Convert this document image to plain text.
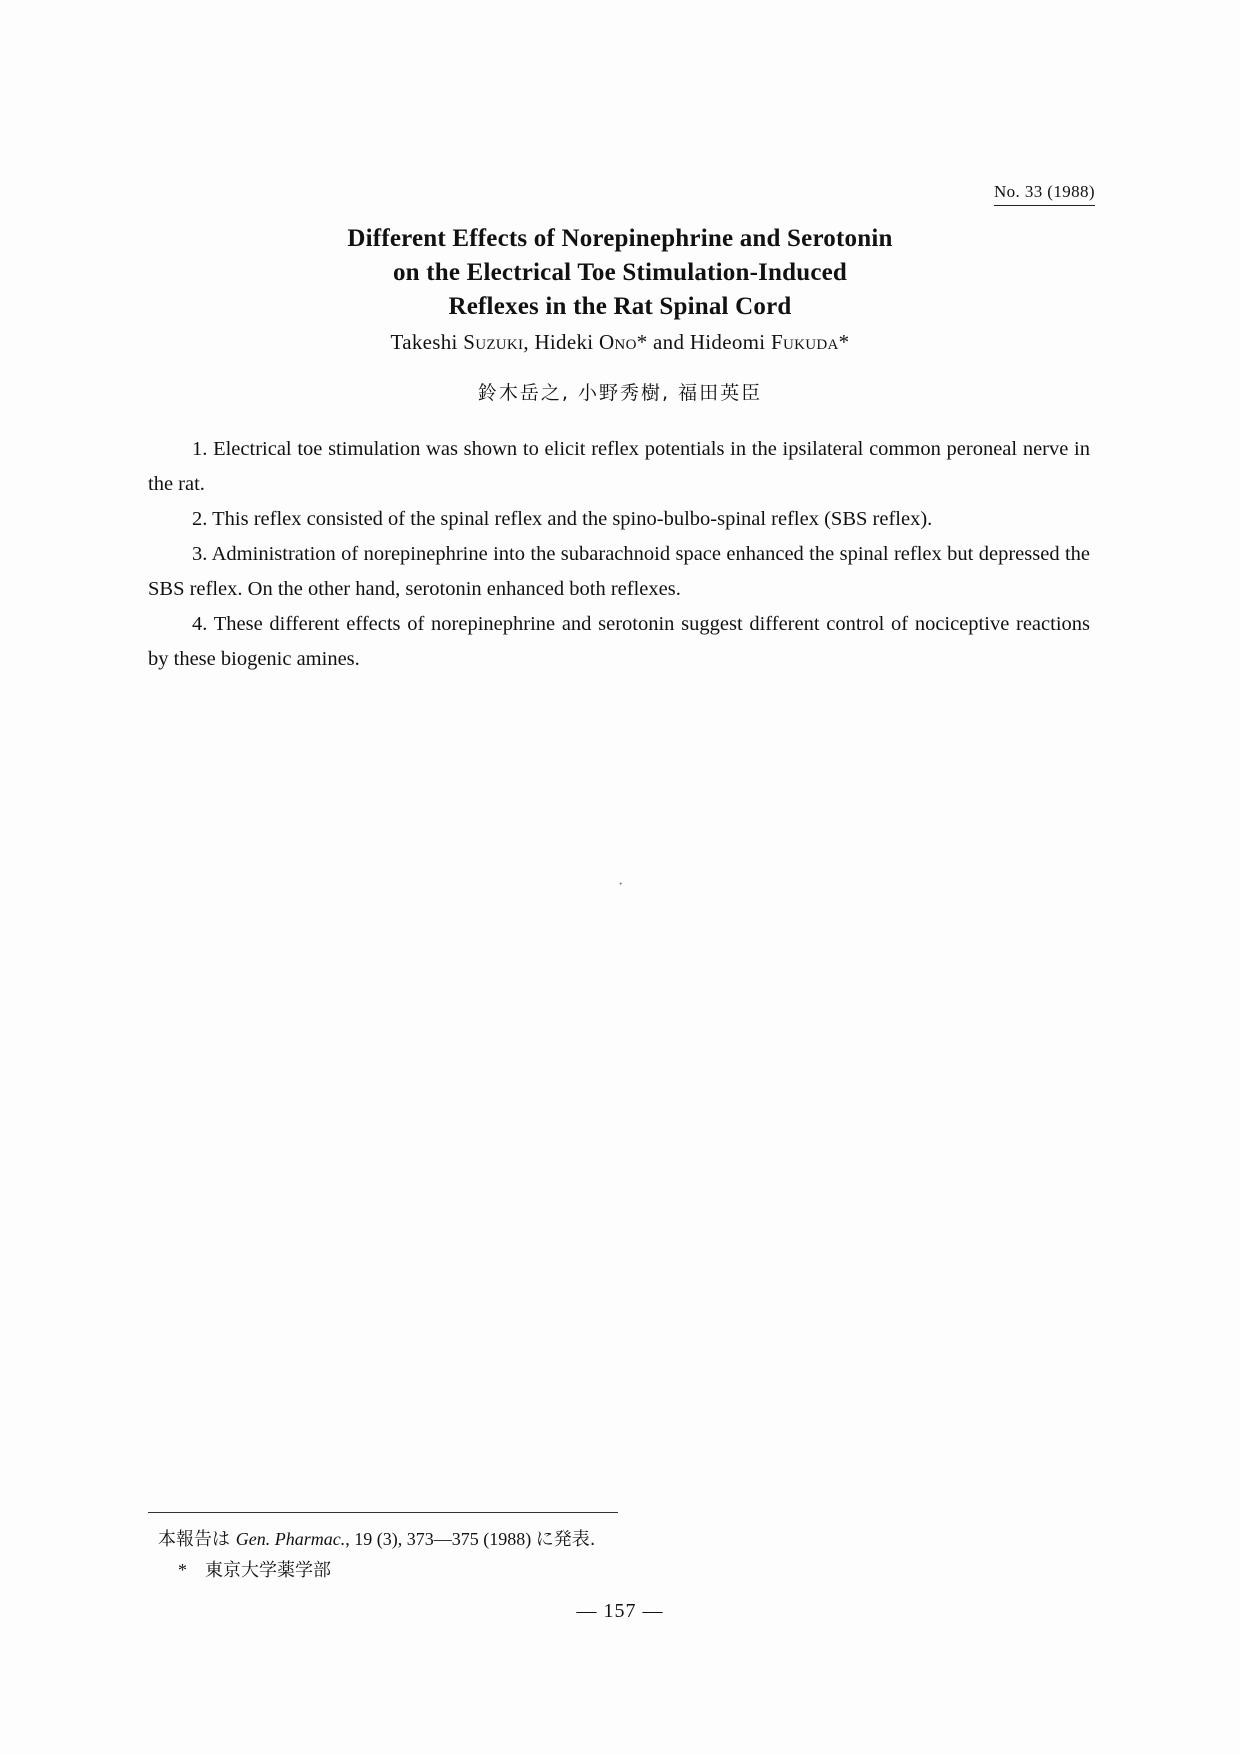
No. 33 (1988)
Different Effects of Norepinephrine and Serotonin
on the Electrical Toe Stimulation-Induced
Reflexes in the Rat Spinal Cord
Takeshi Suzuki, Hideki Ono* and Hideomi Fukuda*
鈴木岳之, 小野秀樹, 福田英臣

1. Electrical toe stimulation was shown to elicit reflex potentials in the ipsilateral common peroneal nerve in the rat.

2. This reflex consisted of the spinal reflex and the spino-bulbo-spinal reflex (SBS reflex).

3. Administration of norepinephrine into the subarachnoid space enhanced the spinal reflex but depressed the SBS reflex. On the other hand, serotonin enhanced both reflexes.

4. These different effects of norepinephrine and serotonin suggest different control of nociceptive reactions by these biogenic amines.

·
本報告は Gen. Pharmac., 19 (3), 373—375 (1988) に発表.
* 東京大学薬学部
— 157 —
